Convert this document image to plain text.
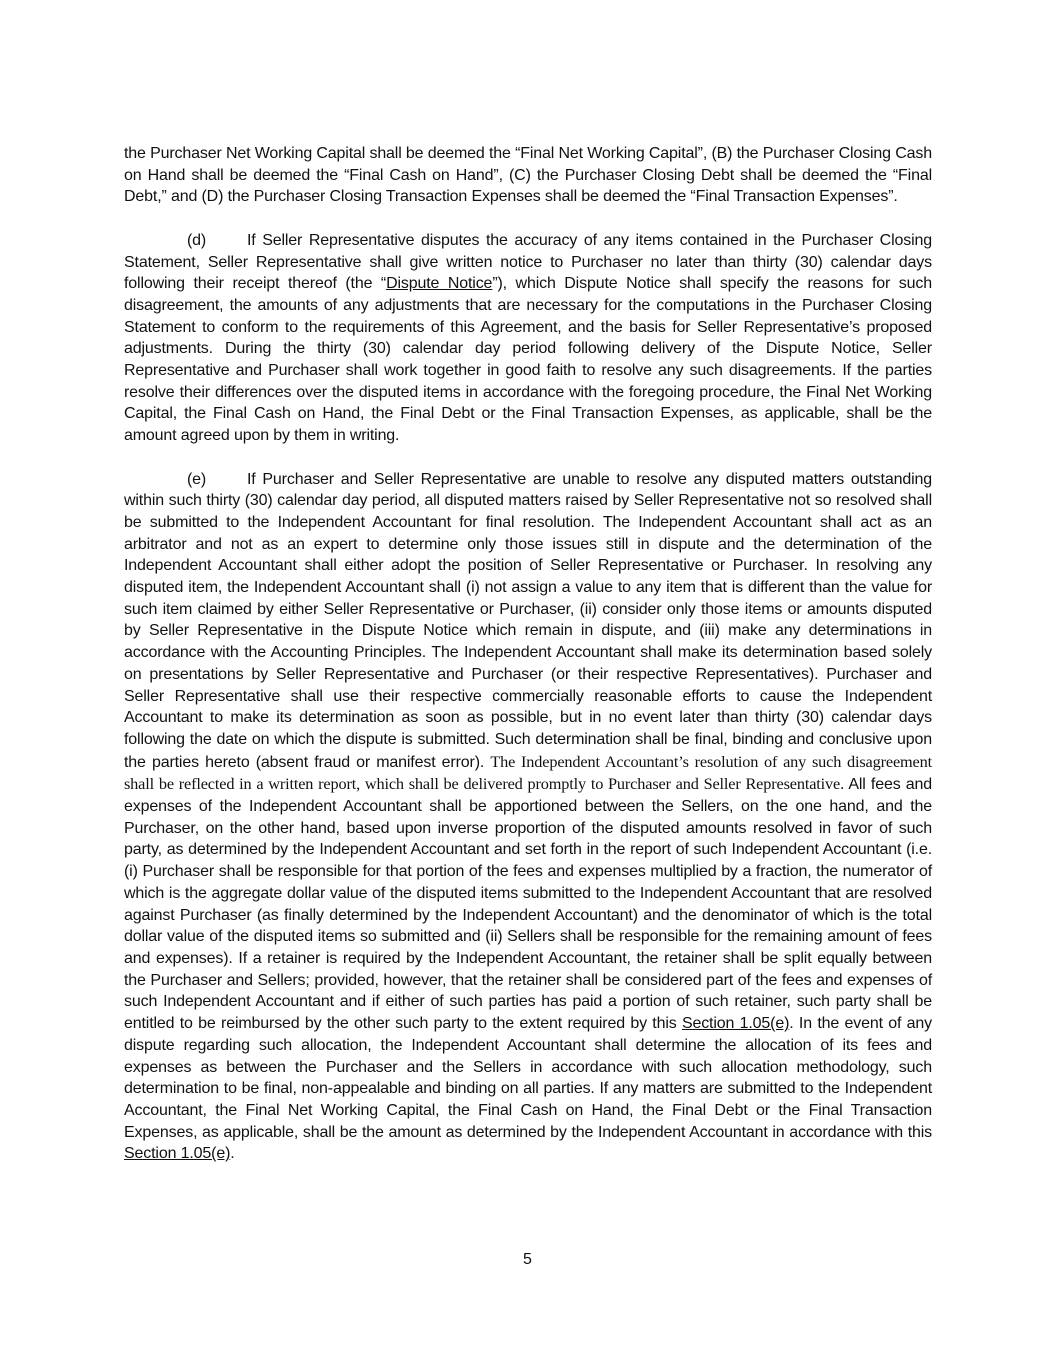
the Purchaser Net Working Capital shall be deemed the “Final Net Working Capital”, (B) the Purchaser Closing Cash on Hand shall be deemed the “Final Cash on Hand”, (C) the Purchaser Closing Debt shall be deemed the “Final Debt,” and (D) the Purchaser Closing Transaction Expenses shall be deemed the “Final Transaction Expenses”.

(d)	If Seller Representative disputes the accuracy of any items contained in the Purchaser Closing Statement, Seller Representative shall give written notice to Purchaser no later than thirty (30) calendar days following their receipt thereof (the “Dispute Notice”), which Dispute Notice shall specify the reasons for such disagreement, the amounts of any adjustments that are necessary for the computations in the Purchaser Closing Statement to conform to the requirements of this Agreement, and the basis for Seller Representative’s proposed adjustments. During the thirty (30) calendar day period following delivery of the Dispute Notice, Seller Representative and Purchaser shall work together in good faith to resolve any such disagreements. If the parties resolve their differences over the disputed items in accordance with the foregoing procedure, the Final Net Working Capital, the Final Cash on Hand, the Final Debt or the Final Transaction Expenses, as applicable, shall be the amount agreed upon by them in writing.

(e)	If Purchaser and Seller Representative are unable to resolve any disputed matters outstanding within such thirty (30) calendar day period, all disputed matters raised by Seller Representative not so resolved shall be submitted to the Independent Accountant for final resolution. The Independent Accountant shall act as an arbitrator and not as an expert to determine only those issues still in dispute and the determination of the Independent Accountant shall either adopt the position of Seller Representative or Purchaser. In resolving any disputed item, the Independent Accountant shall (i) not assign a value to any item that is different than the value for such item claimed by either Seller Representative or Purchaser, (ii) consider only those items or amounts disputed by Seller Representative in the Dispute Notice which remain in dispute, and (iii) make any determinations in accordance with the Accounting Principles. The Independent Accountant shall make its determination based solely on presentations by Seller Representative and Purchaser (or their respective Representatives). Purchaser and Seller Representative shall use their respective commercially reasonable efforts to cause the Independent Accountant to make its determination as soon as possible, but in no event later than thirty (30) calendar days following the date on which the dispute is submitted. Such determination shall be final, binding and conclusive upon the parties hereto (absent fraud or manifest error). The Independent Accountant’s resolution of any such disagreement shall be reflected in a written report, which shall be delivered promptly to Purchaser and Seller Representative. All fees and expenses of the Independent Accountant shall be apportioned between the Sellers, on the one hand, and the Purchaser, on the other hand, based upon inverse proportion of the disputed amounts resolved in favor of such party, as determined by the Independent Accountant and set forth in the report of such Independent Accountant (i.e. (i) Purchaser shall be responsible for that portion of the fees and expenses multiplied by a fraction, the numerator of which is the aggregate dollar value of the disputed items submitted to the Independent Accountant that are resolved against Purchaser (as finally determined by the Independent Accountant) and the denominator of which is the total dollar value of the disputed items so submitted and (ii) Sellers shall be responsible for the remaining amount of fees and expenses). If a retainer is required by the Independent Accountant, the retainer shall be split equally between the Purchaser and Sellers; provided, however, that the retainer shall be considered part of the fees and expenses of such Independent Accountant and if either of such parties has paid a portion of such retainer, such party shall be entitled to be reimbursed by the other such party to the extent required by this Section 1.05(e). In the event of any dispute regarding such allocation, the Independent Accountant shall determine the allocation of its fees and expenses as between the Purchaser and the Sellers in accordance with such allocation methodology, such determination to be final, non-appealable and binding on all parties. If any matters are submitted to the Independent Accountant, the Final Net Working Capital, the Final Cash on Hand, the Final Debt or the Final Transaction Expenses, as applicable, shall be the amount as determined by the Independent Accountant in accordance with this Section 1.05(e).

5
